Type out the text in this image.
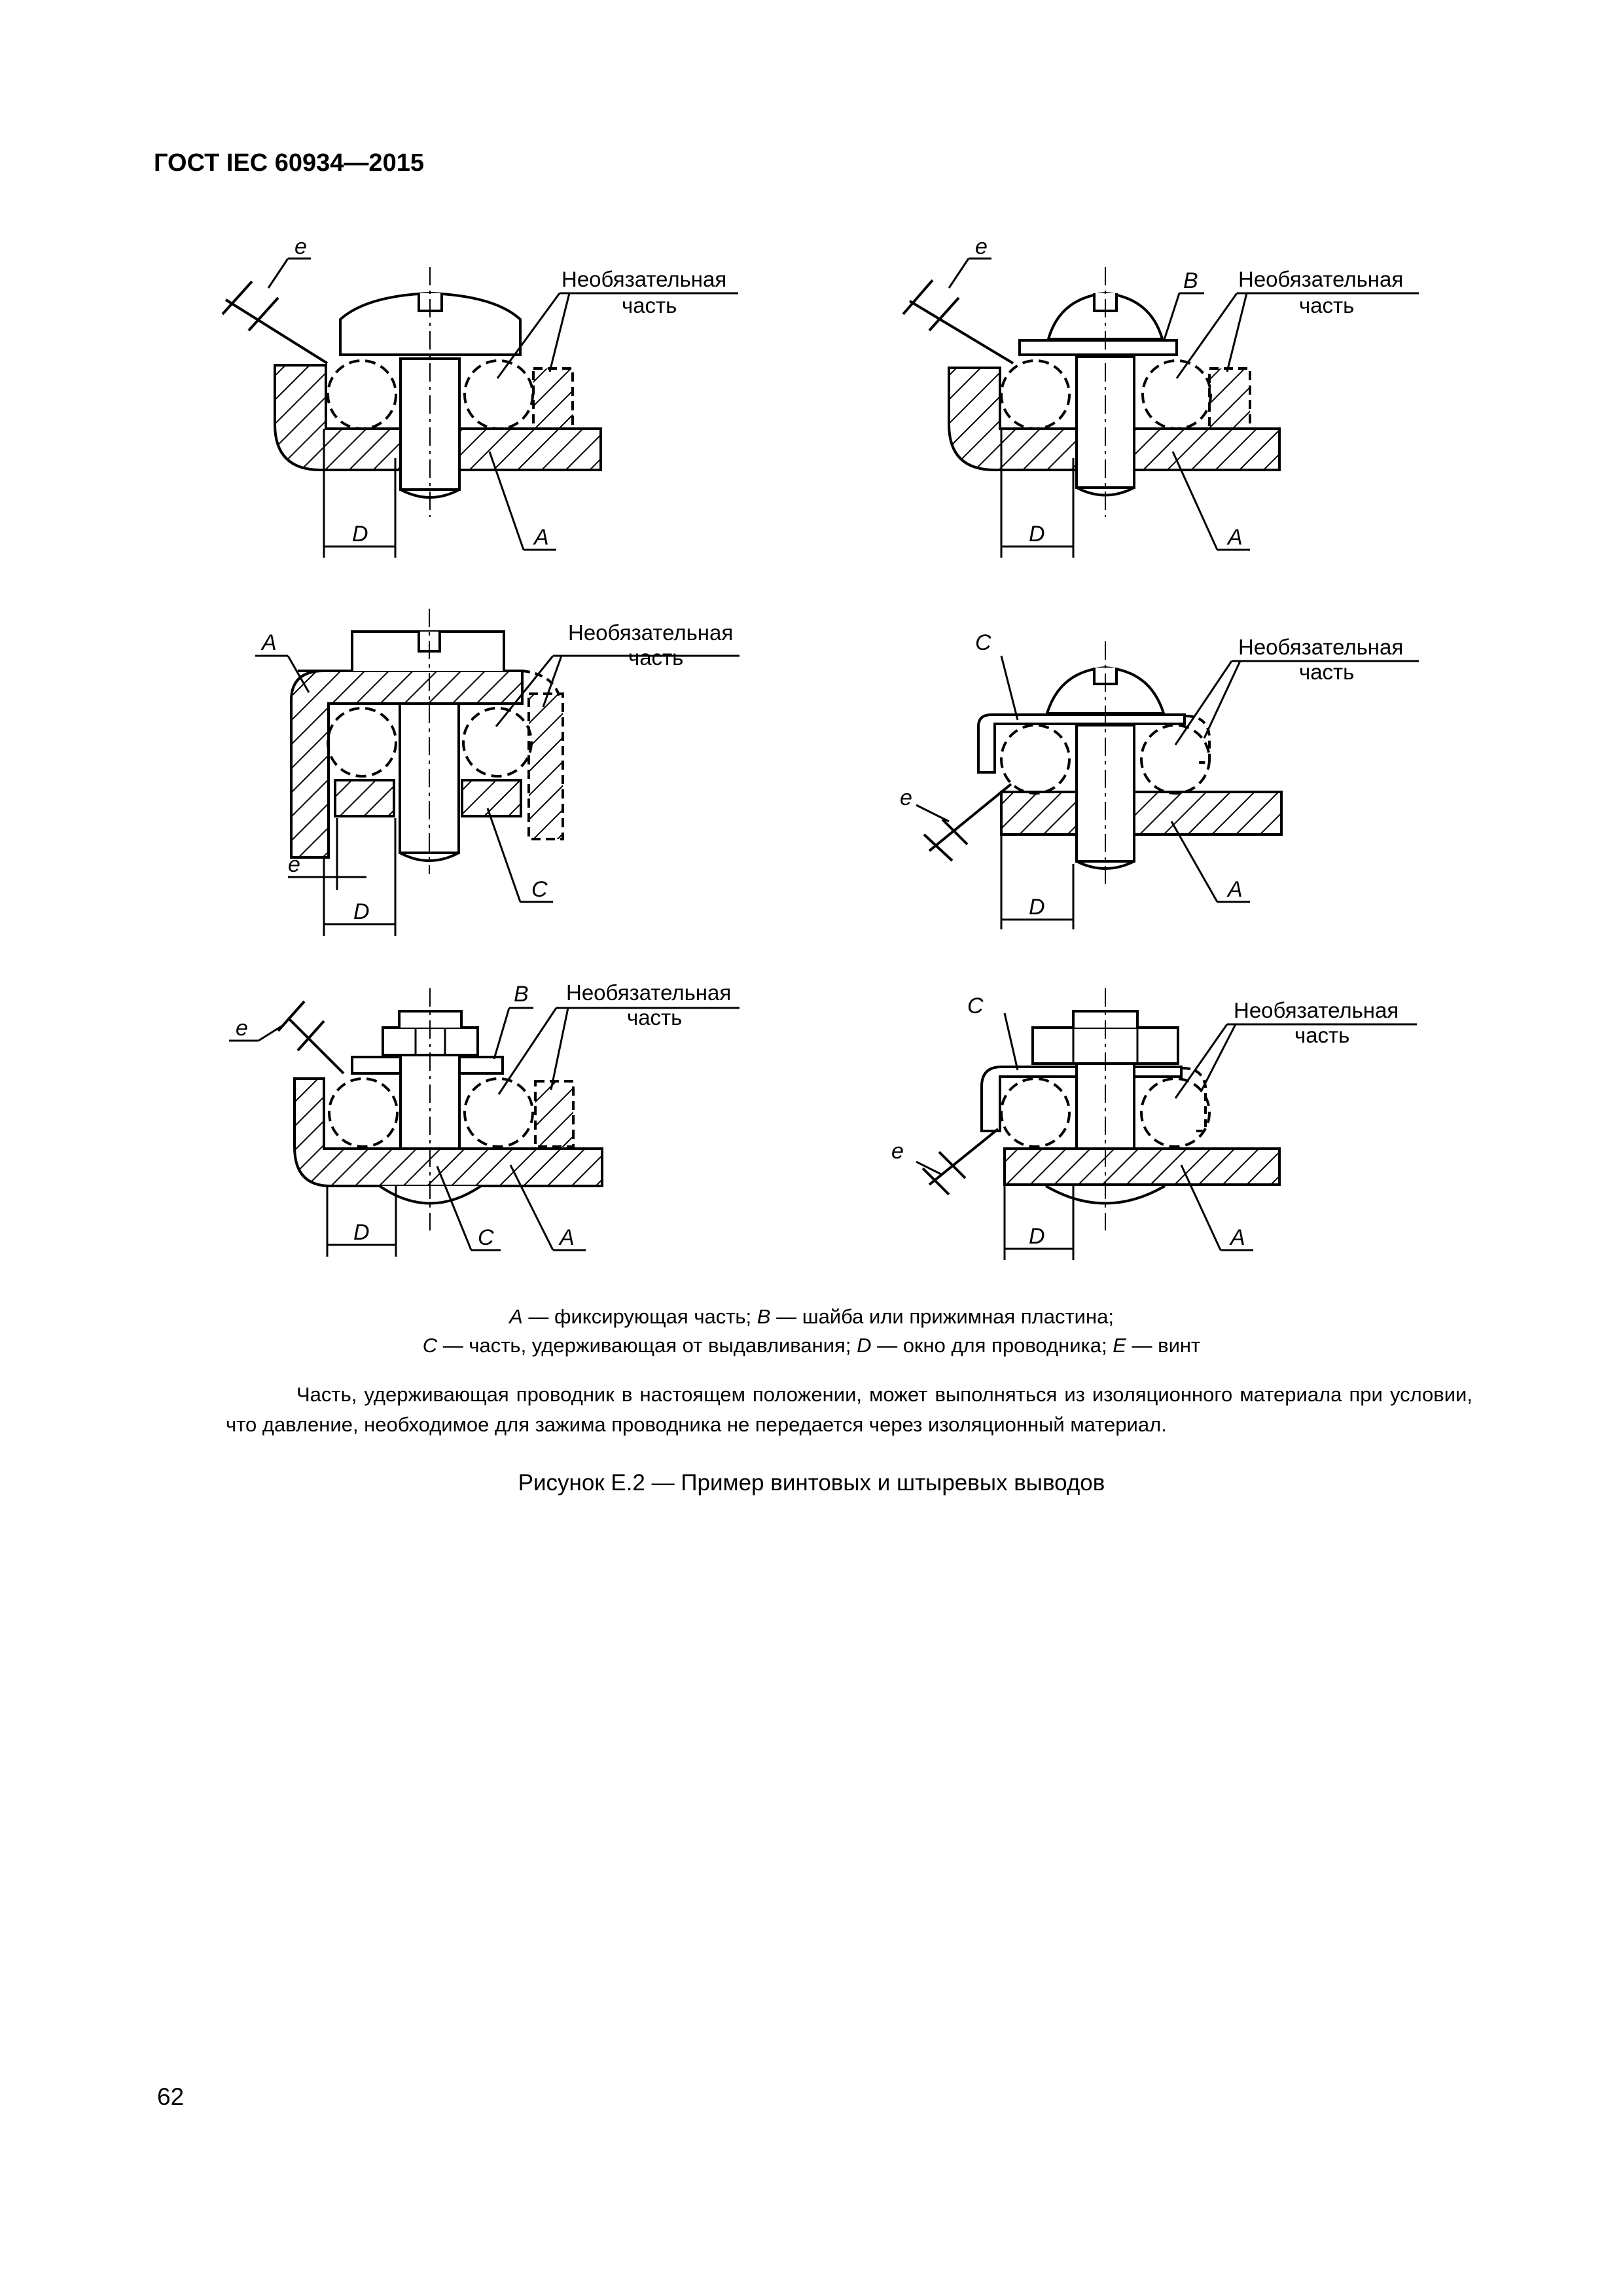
ГОСТ IEC 60934—2015
e
Необязательная
часть
D	A
e
B Необязательная
часть
D	A
A	Необязательная
часть
e
D
C
C	Необязательная
часть
e
D
A
e
B Необязательная
часть
D	C	A
C	Необязательная
часть
e
D	A
A — фиксирующая часть; B — шайба или прижимная пластина;
C — часть, удерживающая от выдавливания; D — окно для проводника; E — винт
Часть, удерживающая проводник в настоящем положении, может выполняться из изоляционного материала при условии, что давление, необходимое для зажима проводника не передается через изоляционный материал.
Рисунок Е.2 — Пример винтовых и штыревых выводов
62
